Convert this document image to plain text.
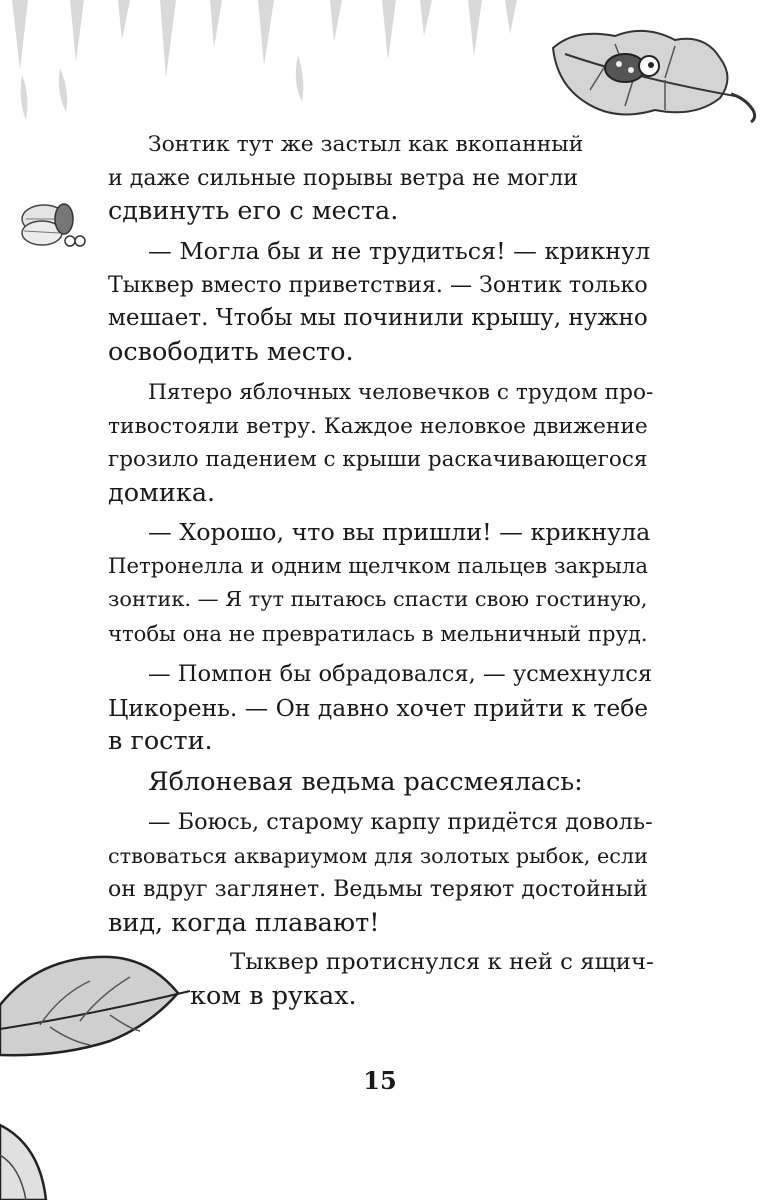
Зонтик тут же застыл как вкопанный
и даже сильные порывы ветра не могли
сдвинуть его с места.
— Могла бы и не трудиться! — крикнул
Тыквер вместо приветствия. — Зонтик только
мешает. Чтобы мы починили крышу, нужно
освободить место.
Пятеро яблочных человечков с трудом про-
тивостояли ветру. Каждое неловкое движение
грозило падением с крыши раскачивающегося
домика.
— Хорошо, что вы пришли! — крикнула
Петронелла и одним щелчком пальцев закрыла
зонтик. — Я тут пытаюсь спасти свою гостиную,
чтобы она не превратилась в мельничный пруд.
— Помпон бы обрадовался, — усмехнулся
Цикорень. — Он давно хочет прийти к тебе
в гости.
Яблоневая ведьма рассмеялась:
— Боюсь, старому карпу придётся доволь-
ствоваться аквариумом для золотых рыбок, если
он вдруг заглянет. Ведьмы теряют достойный
вид, когда плавают!
Тыквер протиснулся к ней с ящич-
ком в руках.
15
